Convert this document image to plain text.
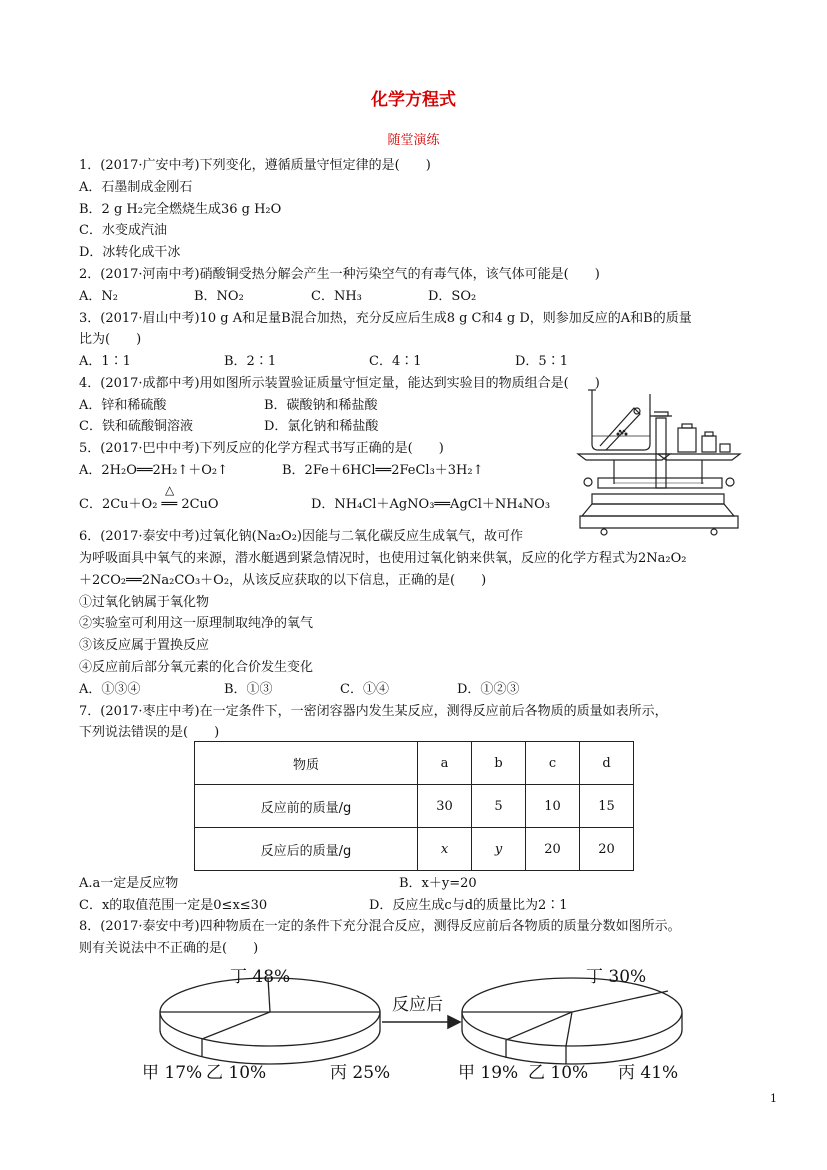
化学方程式
随堂演练
1．(2017·广安中考)下列变化，遵循质量守恒定律的是(　　)
A．石墨制成金刚石
B．2 g H₂完全燃烧生成36 g H₂O
C．水变成汽油
D．冰转化成干冰
2．(2017·河南中考)硝酸铜受热分解会产生一种污染空气的有毒气体，该气体可能是(　　)
A．N₂	B．NO₂	C．NH₃	D．SO₂
3．(2017·眉山中考)10 g A和足量B混合加热，充分反应后生成8 g C和4 g D，则参加反应的A和B的质量
比为(　　)
A．1∶1	B．2∶1	C．4∶1	D．5∶1
4．(2017·成都中考)用如图所示装置验证质量守恒定量，能达到实验目的物质组合是(　　)
A．锌和稀硫酸	B．碳酸钠和稀盐酸
C．铁和硫酸铜溶液	D．氯化钠和稀盐酸
5．(2017·巴中中考)下列反应的化学方程式书写正确的是(　　)
A．2H₂O══2H₂↑＋O₂↑	B．2Fe＋6HCl══2FeCl₃＋3H₂↑
△
C．2Cu＋O₂ ══ 2CuO	D．NH₄Cl＋AgNO₃══AgCl＋NH₄NO₃
6．(2017·泰安中考)过氧化钠(Na₂O₂)因能与二氧化碳反应生成氧气，故可作
为呼吸面具中氧气的来源，潜水艇遇到紧急情况时，也使用过氧化钠来供氧，反应的化学方程式为2Na₂O₂
＋2CO₂══2Na₂CO₃＋O₂，从该反应获取的以下信息，正确的是(　　)
①过氧化钠属于氧化物
②实验室可利用这一原理制取纯净的氧气
③该反应属于置换反应
④反应前后部分氧元素的化合价发生变化
A．①③④	B．①③	C．①④	D．①②③
7．(2017·枣庄中考)在一定条件下，一密闭容器内发生某反应，测得反应前后各物质的质量如表所示，
下列说法错误的是(　　)
物质	a	b	c	d
反应前的质量/g	30	5	10	15
反应后的质量/g	x	y	20	20
A.a一定是反应物	B．x＋y=20
C．x的取值范围一定是0≤x≤30	D．反应生成c与d的质量比为2∶1
8．(2017·泰安中考)四种物质在一定的条件下充分混合反应，测得反应前后各物质的质量分数如图所示。
则有关说法中不正确的是(　　)
反应后
丁 48%
甲 17% 乙 10%	丙 25%
丁 30%
甲 19% 乙 10% 丙 41%
1
